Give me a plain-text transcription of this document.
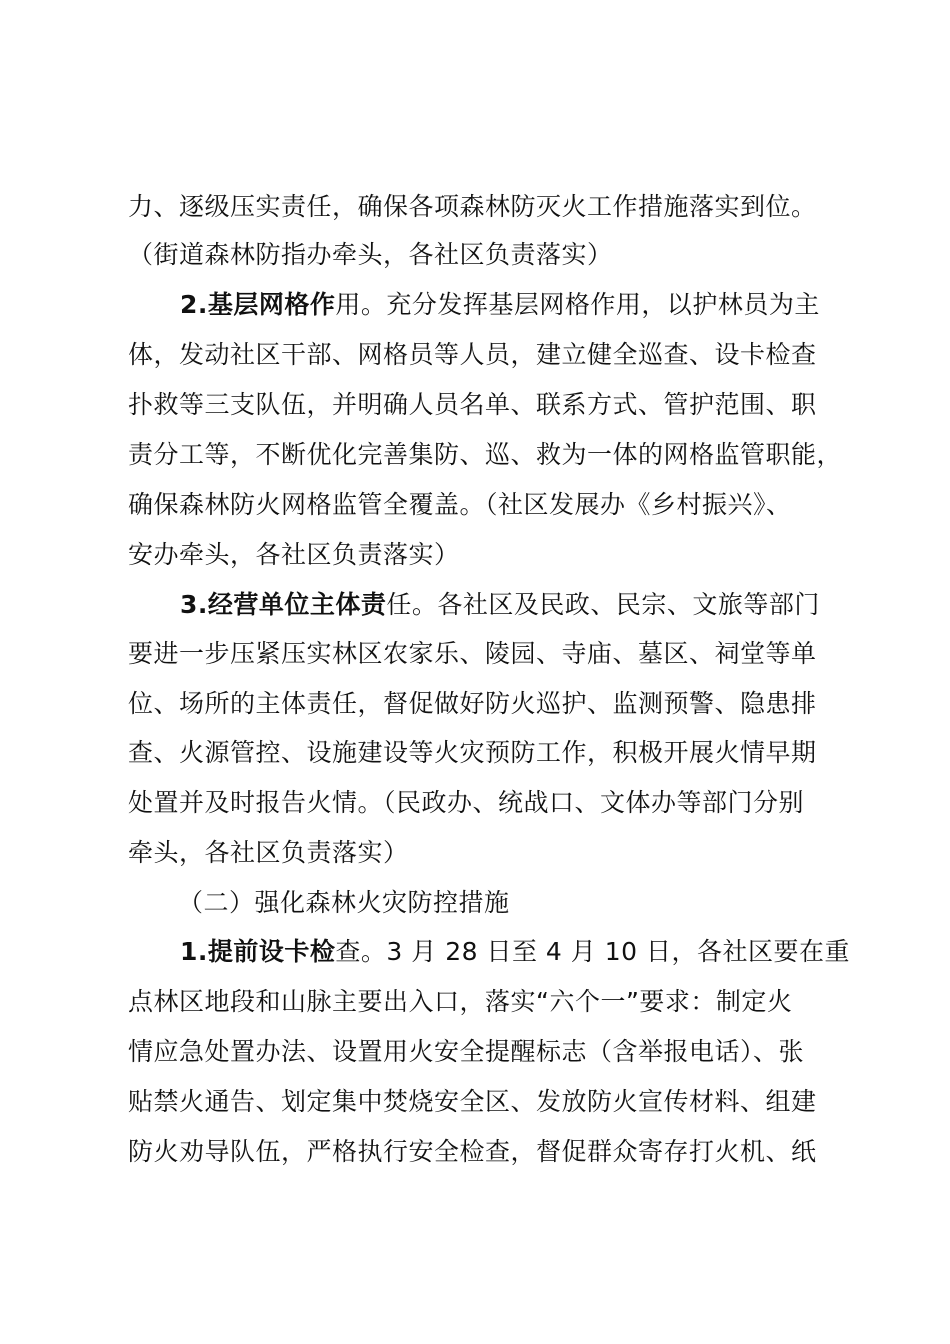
力、逐级压实责任，确保各项森林防灭火工作措施落实到位。
（街道森林防指办牵头，各社区负责落实）
2.基层网格作用。充分发挥基层网格作用，以护林员为主
体，发动社区干部、网格员等人员，建立健全巡查、设卡检查
扑救等三支队伍，并明确人员名单、联系方式、管护范围、职
责分工等，不断优化完善集防、巡、救为一体的网格监管职能，
确保森林防火网格监管全覆盖。（社区发展办《乡村振兴》、
安办牵头，各社区负责落实）
3.经营单位主体责任。各社区及民政、民宗、文旅等部门
要进一步压紧压实林区农家乐、陵园、寺庙、墓区、祠堂等单
位、场所的主体责任，督促做好防火巡护、监测预警、隐患排
查、火源管控、设施建设等火灾预防工作，积极开展火情早期
处置并及时报告火情。（民政办、统战口、文体办等部门分别
牵头，各社区负责落实）
（二）强化森林火灾防控措施
1.提前设卡检查。3 月 28 日至 4 月 10 日，各社区要在重
点林区地段和山脉主要出入口，落实“六个一”要求：制定火
情应急处置办法、设置用火安全提醒标志（含举报电话）、张
贴禁火通告、划定集中焚烧安全区、发放防火宣传材料、组建
防火劝导队伍，严格执行安全检查，督促群众寄存打火机、纸
